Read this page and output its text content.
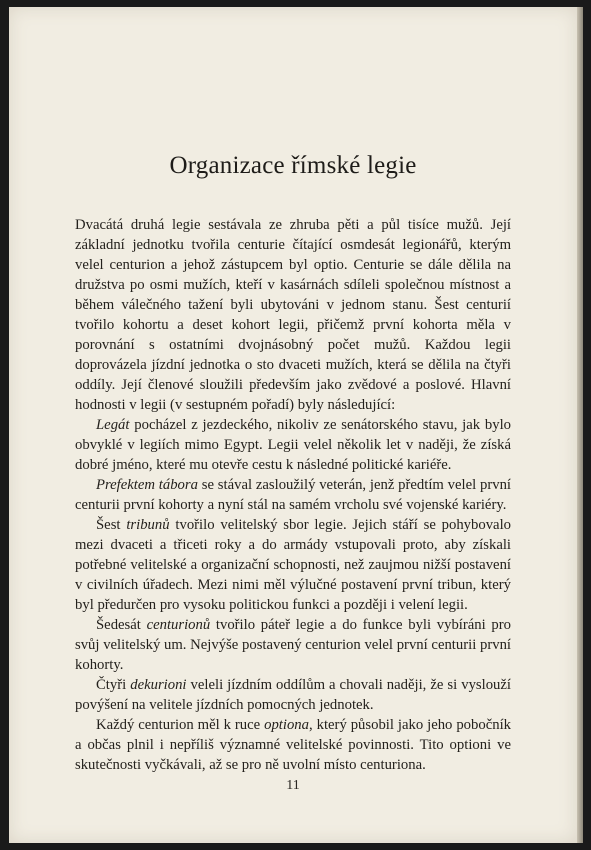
Organizace římské legie

Dvacátá druhá legie sestávala ze zhruba pěti a půl tisíce mužů. Její základní jednotku tvořila centurie čítající osmdesát legionářů, kterým velel centurion a jehož zástupcem byl optio. Centurie se dále dělila na družstva po osmi mužích, kteří v kasárnách sdíleli společnou místnost a během válečného tažení byli ubytováni v jednom stanu. Šest centurií tvořilo kohortu a deset kohort legii, přičemž první kohorta měla v porovnání s ostatními dvojnásobný počet mužů. Každou legii doprovázela jízdní jednotka o sto dvaceti mužích, která se dělila na čtyři oddíly. Její členové sloužili především jako zvědové a poslové. Hlavní hodnosti v legii (v sestupném pořadí) byly následující:

Legát pocházel z jezdeckého, nikoliv ze senátorského stavu, jak bylo obvyklé v legiích mimo Egypt. Legii velel několik let v naději, že získá dobré jméno, které mu otevře cestu k následné politické kariéře.

Prefektem tábora se stával zasloužilý veterán, jenž předtím velel první centurii první kohorty a nyní stál na samém vrcholu své vojenské kariéry.

Šest tribunů tvořilo velitelský sbor legie. Jejich stáří se pohybovalo mezi dvaceti a třiceti roky a do armády vstupovali proto, aby získali potřebné velitelské a organizační schopnosti, než zaujmou nižší postavení v civilních úřadech. Mezi nimi měl výlučné postavení první tribun, který byl předurčen pro vysoku politickou funkci a později i velení legii.

Šedesát centurionů tvořilo páteř legie a do funkce byli vybíráni pro svůj velitelský um. Nejvýše postavený centurion velel první centurii první kohorty.

Čtyři dekurioni veleli jízdním oddílům a chovali naději, že si vyslouží povýšení na velitele jízdních pomocných jednotek.

Každý centurion měl k ruce optiona, který působil jako jeho pobočník a občas plnil i nepříliš významné velitelské povinnosti. Tito optioni ve skutečnosti vyčkávali, až se pro ně uvolní místo centuriona.

11
